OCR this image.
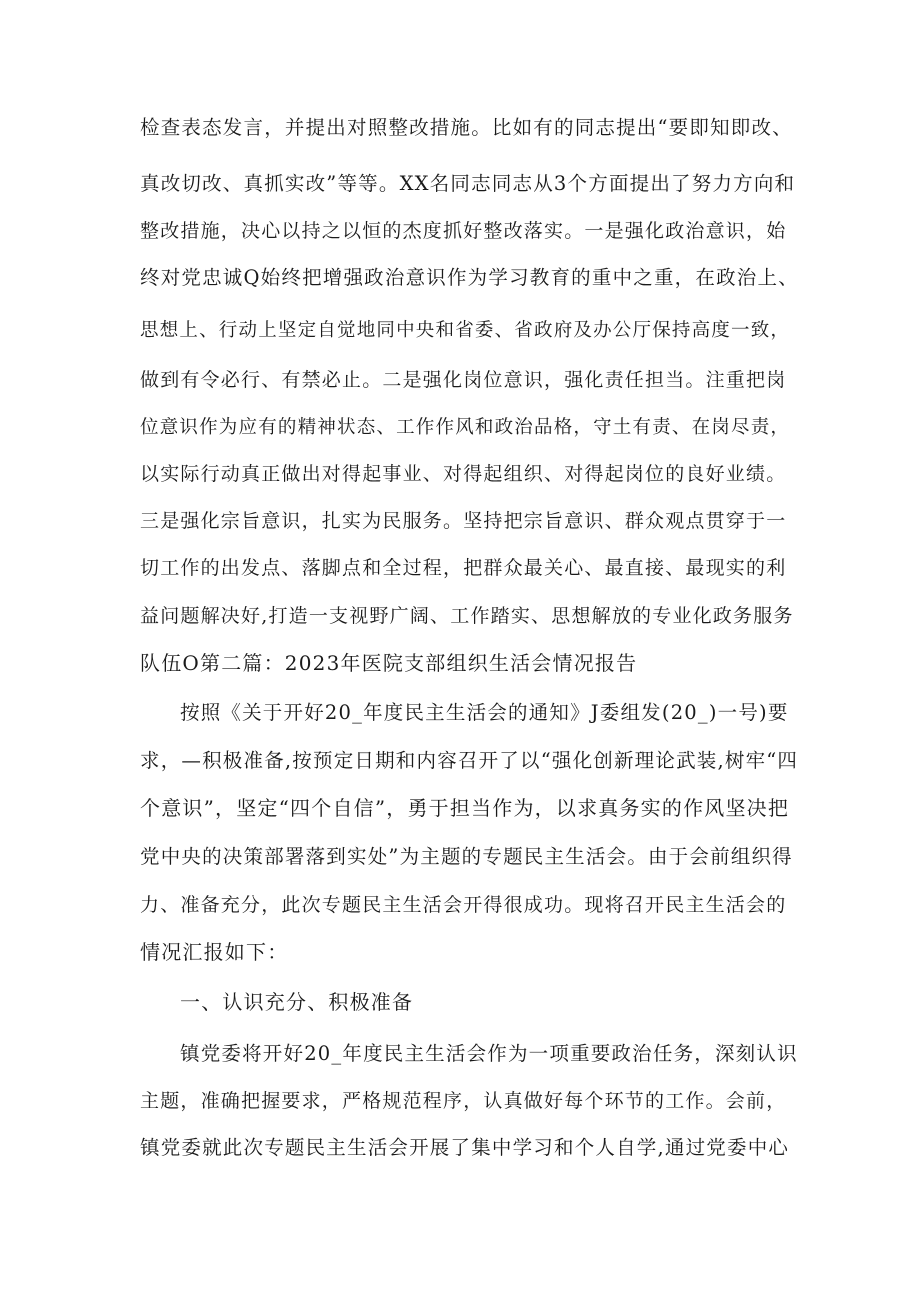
检查表态发言，并提出对照整改措施。比如有的同志提出“要即知即改、
真改切改、真抓实改”等等。XX名同志同志从3个方面提出了努力方向和
整改措施，决心以持之以恒的杰度抓好整改落实。一是强化政治意识，始
终对党忠诚Q始终把增强政治意识作为学习教育的重中之重，在政治上、
思想上、行动上坚定自觉地同中央和省委、省政府及办公厅保持高度一致，
做到有令必行、有禁必止。二是强化岗位意识，强化责任担当。注重把岗
位意识作为应有的精神状态、工作作风和政治品格，守土有责、在岗尽责，
以实际行动真正做出对得起事业、对得起组织、对得起岗位的良好业绩。
三是强化宗旨意识，扎实为民服务。坚持把宗旨意识、群众观点贯穿于一
切工作的出发点、落脚点和全过程，把群众最关心、最直接、最现实的利
益问题解决好,打造一支视野广阔、工作踏实、思想解放的专业化政务服务
队伍O第二篇：2023年医院支部组织生活会情况报告
按照《关于开好20_年度民主生活会的通知》J委组发(20_)一号)要
求，—积极准备,按预定日期和内容召开了以“强化创新理论武装,树牢“四
个意识”，坚定“四个自信”，勇于担当作为，以求真务实的作风坚决把
党中央的决策部署落到实处”为主题的专题民主生活会。由于会前组织得
力、准备充分，此次专题民主生活会开得很成功。现将召开民主生活会的
情况汇报如下：
一、认识充分、积极准备
镇党委将开好20_年度民主生活会作为一项重要政治任务，深刻认识
主题，准确把握要求，严格规范程序，认真做好每个环节的工作。会前，
镇党委就此次专题民主生活会开展了集中学习和个人自学,通过党委中心
